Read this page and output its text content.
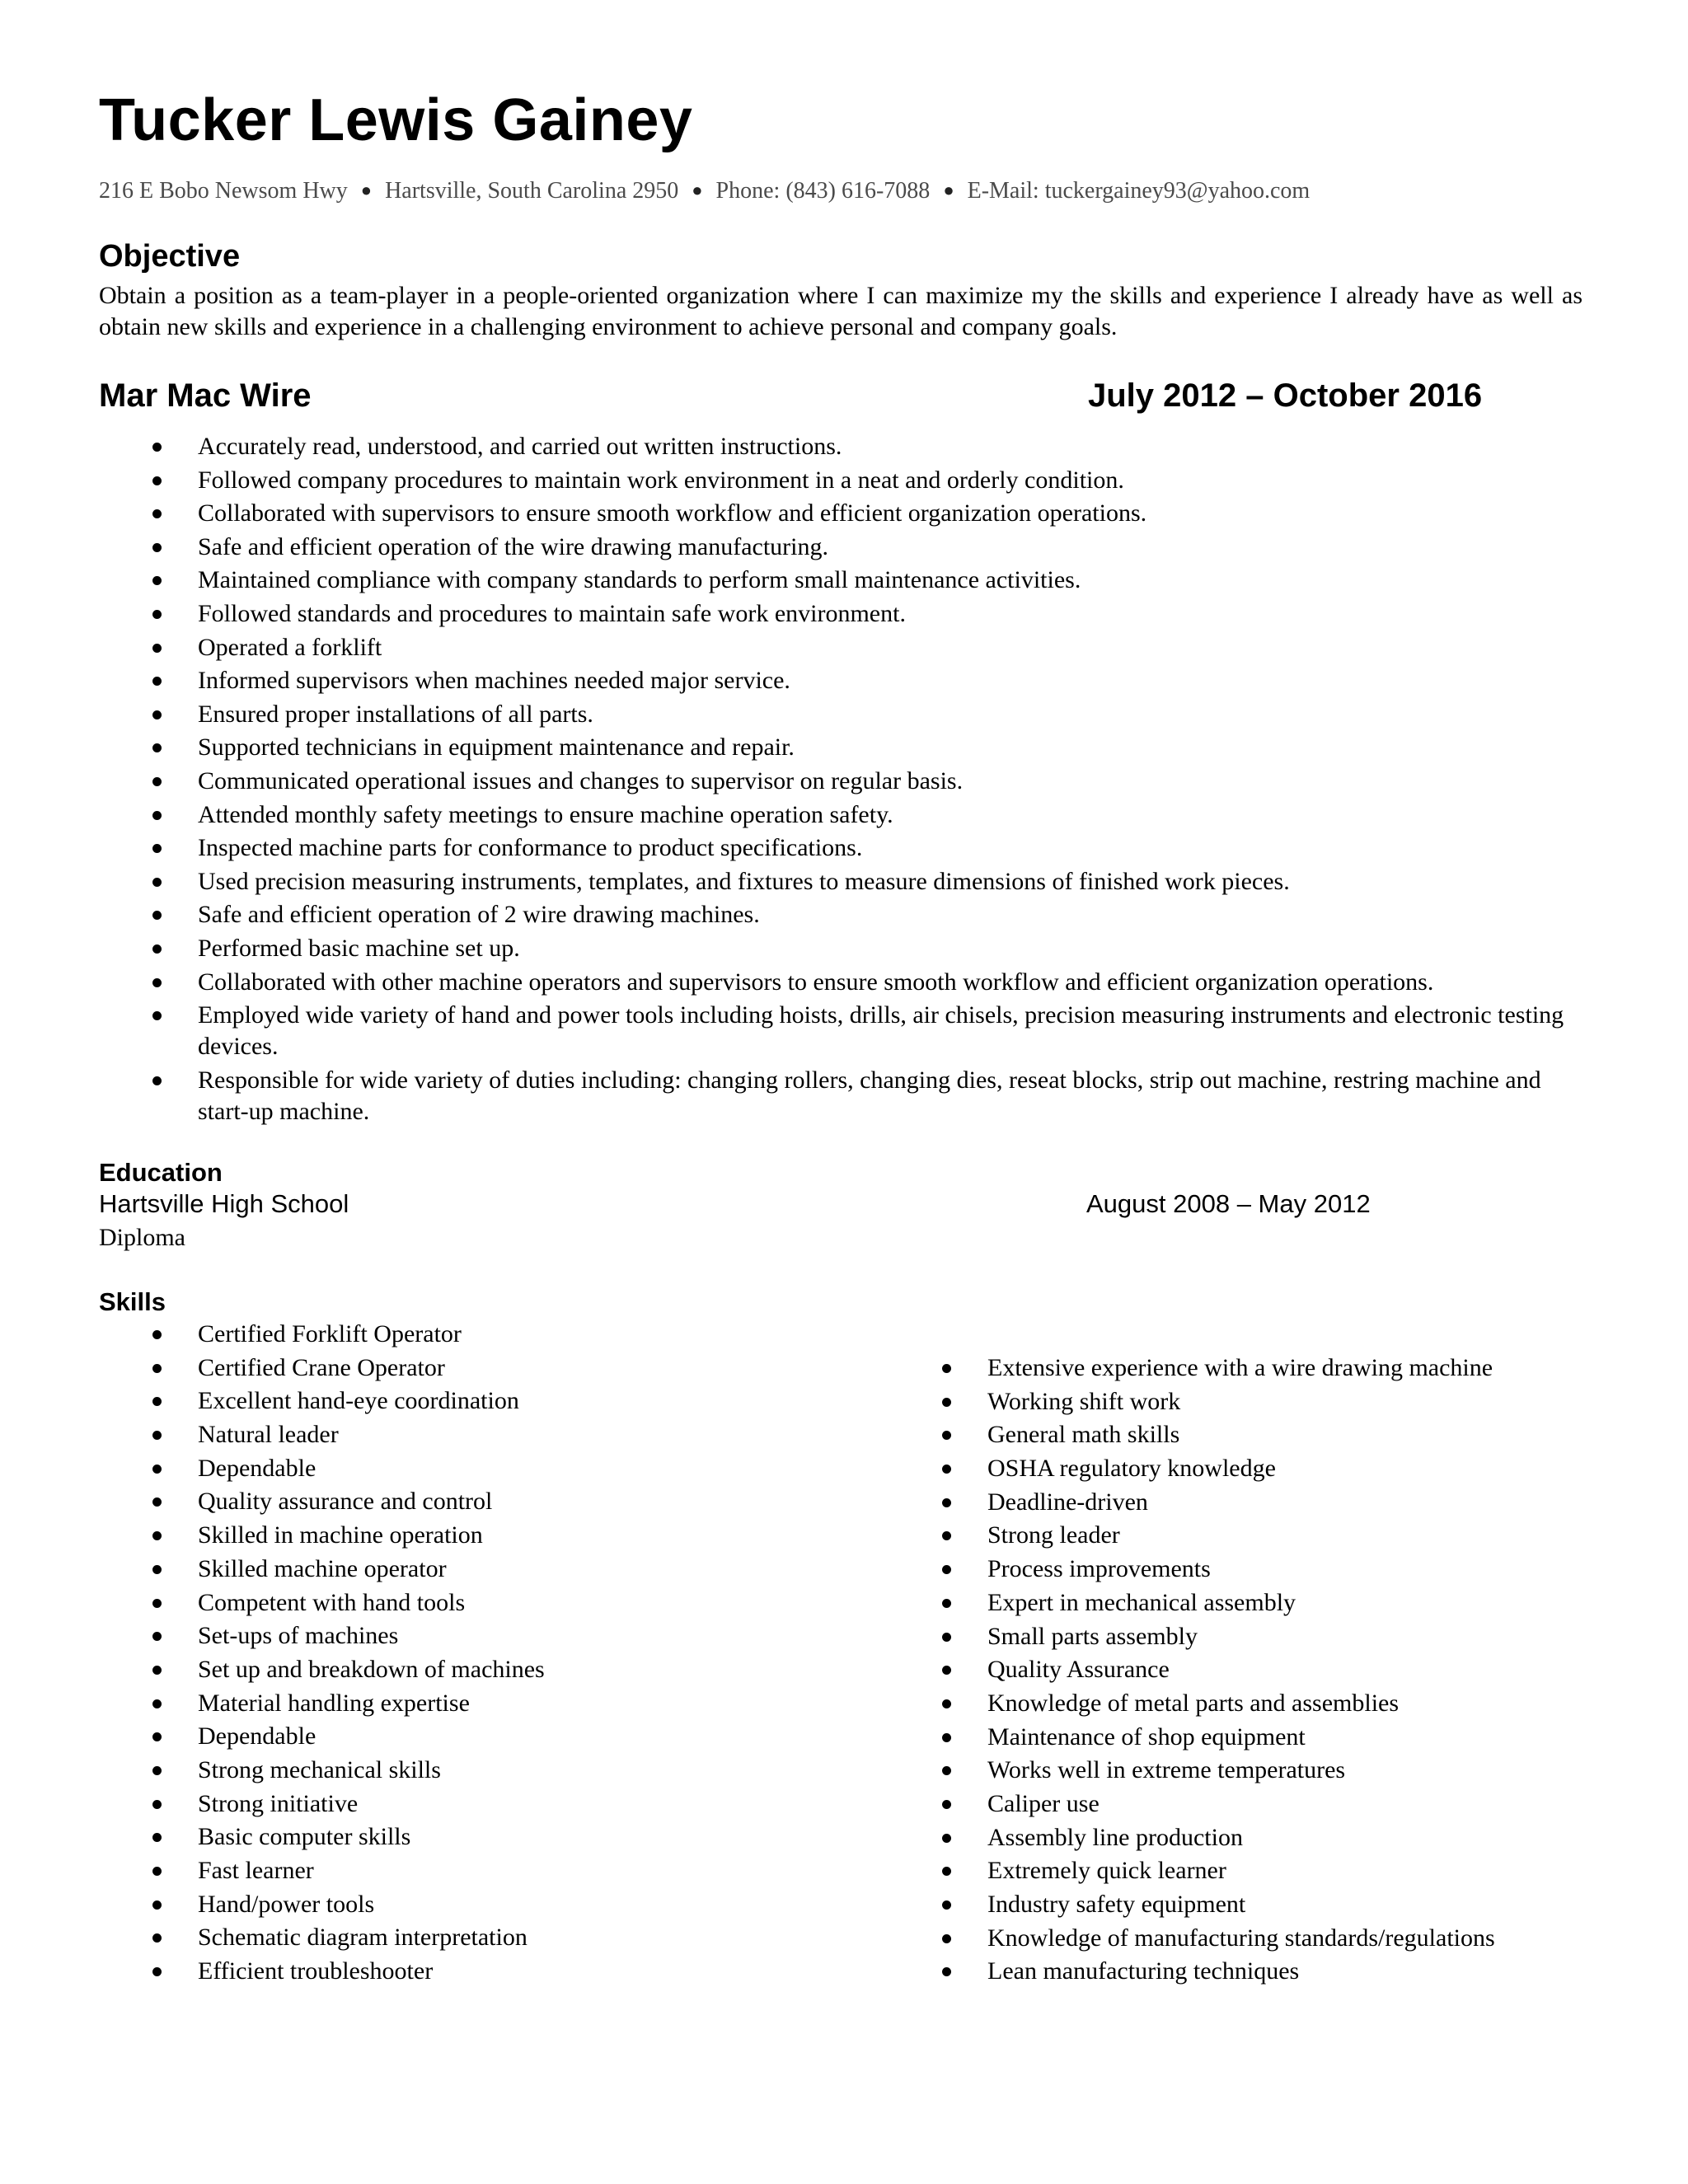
Tucker Lewis Gainey
216 E Bobo Newsom Hwy ● Hartsville, South Carolina 2950 ● Phone: (843) 616-7088 ● E-Mail: tuckergainey93@yahoo.com
Objective
Obtain a position as a team-player in a people-oriented organization where I can maximize my the skills and experience I already have as well as obtain new skills and experience in a challenging environment to achieve personal and company goals.
Mar Mac Wire	July 2012 – October 2016
Accurately read, understood, and carried out written instructions.
Followed company procedures to maintain work environment in a neat and orderly condition.
Collaborated with supervisors to ensure smooth workflow and efficient organization operations.
Safe and efficient operation of the wire drawing manufacturing.
Maintained compliance with company standards to perform small maintenance activities.
Followed standards and procedures to maintain safe work environment.
Operated a forklift
Informed supervisors when machines needed major service.
Ensured proper installations of all parts.
Supported technicians in equipment maintenance and repair.
Communicated operational issues and changes to supervisor on regular basis.
Attended monthly safety meetings to ensure machine operation safety.
Inspected machine parts for conformance to product specifications.
Used precision measuring instruments, templates, and fixtures to measure dimensions of finished work pieces.
Safe and efficient operation of 2 wire drawing machines.
Performed basic machine set up.
Collaborated with other machine operators and supervisors to ensure smooth workflow and efficient organization operations.
Employed wide variety of hand and power tools including hoists, drills, air chisels, precision measuring instruments and electronic testing devices.
Responsible for wide variety of duties including: changing rollers, changing dies, reseat blocks, strip out machine, restring machine and start-up machine.
Education
Hartsville High School	August 2008 – May 2012
Diploma
Skills
Certified Forklift Operator
Certified Crane Operator
Excellent hand-eye coordination
Natural leader
Dependable
Quality assurance and control
Skilled in machine operation
Skilled machine operator
Competent with hand tools
Set-ups of machines
Set up and breakdown of machines
Material handling expertise
Dependable
Strong mechanical skills
Strong initiative
Basic computer skills
Fast learner
Hand/power tools
Schematic diagram interpretation
Efficient troubleshooter
Extensive experience with a wire drawing machine
Working shift work
General math skills
OSHA regulatory knowledge
Deadline-driven
Strong leader
Process improvements
Expert in mechanical assembly
Small parts assembly
Quality Assurance
Knowledge of metal parts and assemblies
Maintenance of shop equipment
Works well in extreme temperatures
Caliper use
Assembly line production
Extremely quick learner
Industry safety equipment
Knowledge of manufacturing standards/regulations
Lean manufacturing techniques
